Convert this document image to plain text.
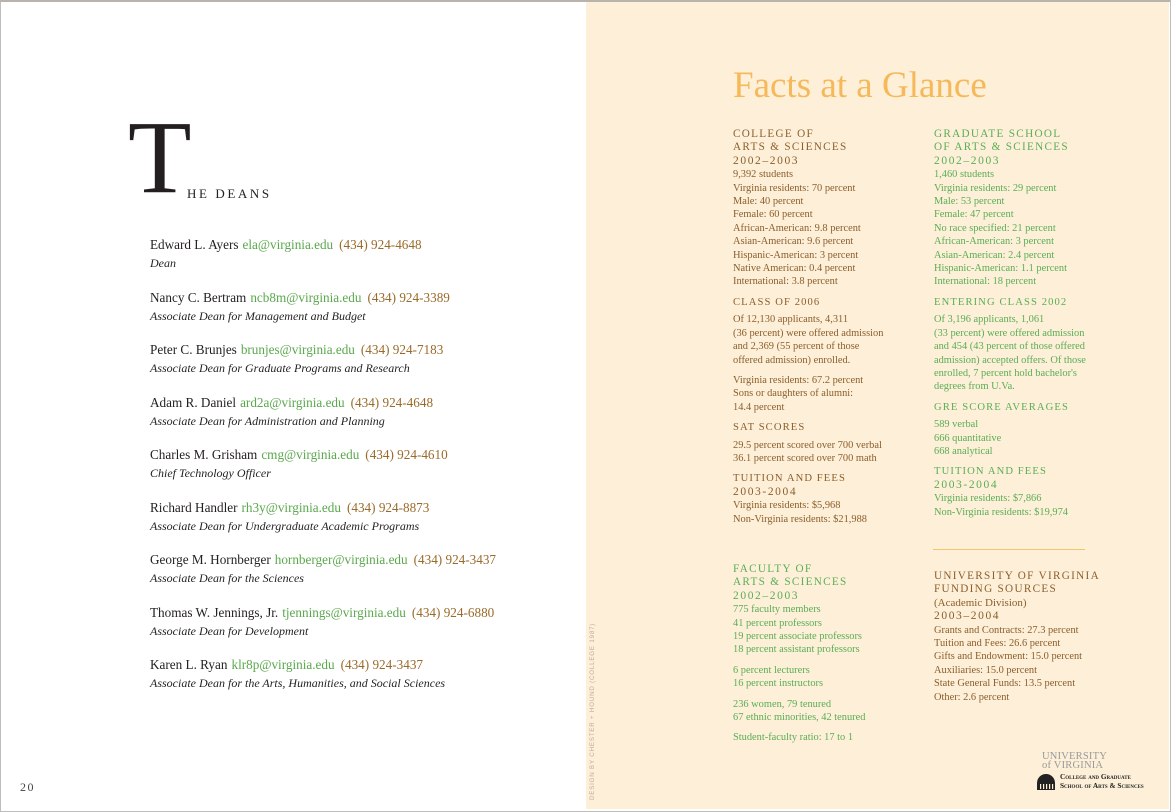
T
HE DEANS
Edward L. Ayers ela@virginia.edu (434) 924-4648
Dean
Nancy C. Bertram ncb8m@virginia.edu (434) 924-3389
Associate Dean for Management and Budget
Peter C. Brunjes brunjes@virginia.edu (434) 924-7183
Associate Dean for Graduate Programs and Research
Adam R. Daniel ard2a@virginia.edu (434) 924-4648
Associate Dean for Administration and Planning
Charles M. Grisham cmg@virginia.edu (434) 924-4610
Chief Technology Officer
Richard Handler rh3y@virginia.edu (434) 924-8873
Associate Dean for Undergraduate Academic Programs
George M. Hornberger hornberger@virginia.edu (434) 924-3437
Associate Dean for the Sciences
Thomas W. Jennings, Jr. tjennings@virginia.edu (434) 924-6880
Associate Dean for Development
Karen L. Ryan klr8p@virginia.edu (434) 924-3437
Associate Dean for the Arts, Humanities, and Social Sciences
20
Facts at a Glance
DESIGN BY CHESTER + HOUND (COLLEGE 1987)
COLLEGE OF
ARTS & SCIENCES
2002–2003
9,392 students
Virginia residents: 70 percent
Male: 40 percent
Female: 60 percent
African-American: 9.8 percent
Asian-American: 9.6 percent
Hispanic-American: 3 percent
Native American: 0.4 percent
International: 3.8 percent
CLASS OF 2006
Of 12,130 applicants, 4,311
(36 percent) were offered admission
and 2,369 (55 percent of those
offered admission) enrolled.
Virginia residents: 67.2 percent
Sons or daughters of alumni:
14.4 percent
SAT SCORES
29.5 percent scored over 700 verbal
36.1 percent scored over 700 math
TUITION AND FEES
2003-2004
Virginia residents: $5,968
Non-Virginia residents: $21,988
FACULTY OF
ARTS & SCIENCES
2002–2003
775 faculty members
41 percent professors
19 percent associate professors
18 percent assistant professors
6 percent lecturers
16 percent instructors
236 women, 79 tenured
67 ethnic minorities, 42 tenured
Student-faculty ratio: 17 to 1
GRADUATE SCHOOL
OF ARTS & SCIENCES
2002–2003
1,460 students
Virginia residents: 29 percent
Male: 53 percent
Female: 47 percent
No race specified: 21 percent
African-American: 3 percent
Asian-American: 2.4 percent
Hispanic-American: 1.1 percent
International: 18 percent
ENTERING CLASS 2002
Of 3,196 applicants, 1,061
(33 percent) were offered admission
and 454 (43 percent of those offered
admission) accepted offers. Of those
enrolled, 7 percent hold bachelor's
degrees from U.Va.
GRE SCORE AVERAGES
589 verbal
666 quantitative
668 analytical
TUITION AND FEES
2003-2004
Virginia residents: $7,866
Non-Virginia residents: $19,974
UNIVERSITY OF VIRGINIA
FUNDING SOURCES
(Academic Division)
2003–2004
Grants and Contracts: 27.3 percent
Tuition and Fees: 26.6 percent
Gifts and Endowment: 15.0 percent
Auxiliaries: 15.0 percent
State General Funds: 13.5 percent
Other: 2.6 percent
UNIVERSITY
of VIRGINIA
College and Graduate
School of Arts & Sciences
